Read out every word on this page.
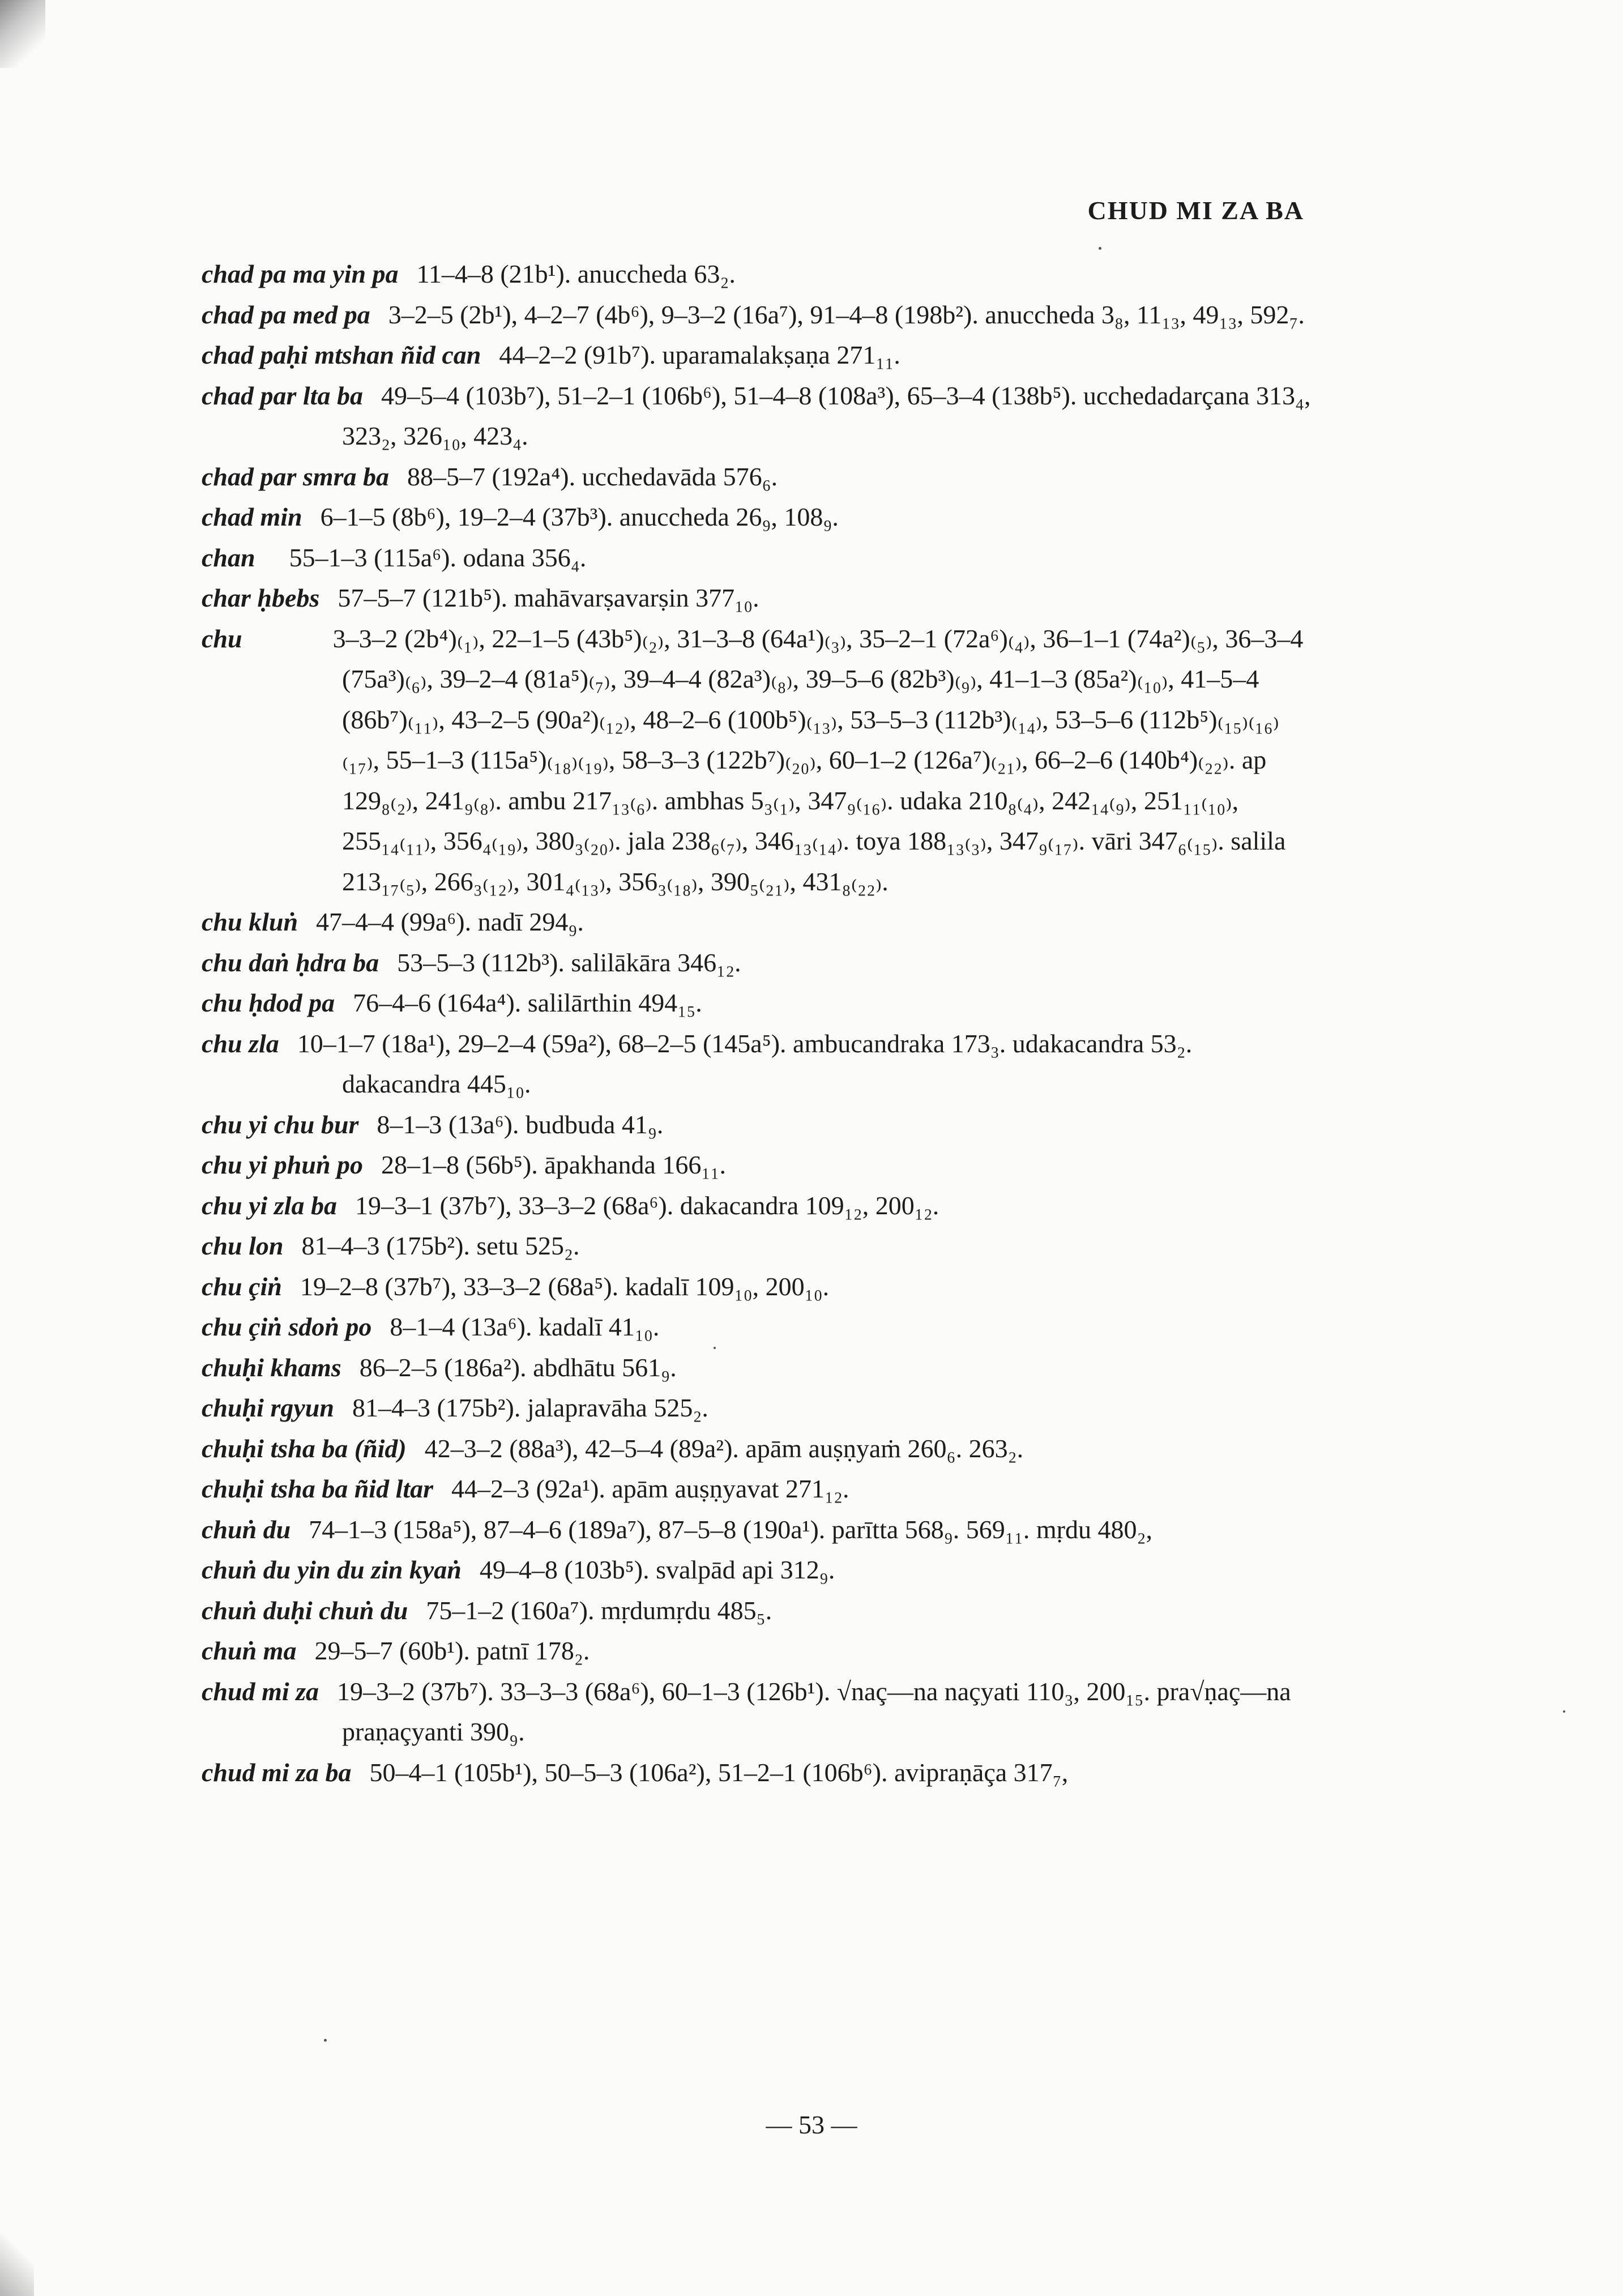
CHUD MI ZA BA

chad pa ma yin pa 11–4–8 (21b¹). anuccheda 63₂.

chad pa med pa 3–2–5 (2b¹), 4–2–7 (4b⁶), 9–3–2 (16a⁷), 91–4–8 (198b²). anuccheda 3₈, 11₁₃, 49₁₃, 592₇.

chad paḥi mtshan ñid can 44–2–2 (91b⁷). uparamalakṣaṇa 271₁₁.

chad par lta ba 49–5–4 (103b⁷), 51–2–1 (106b⁶), 51–4–8 (108a³), 65–3–4 (138b⁵). ucchedadarçana 313₄, 323₂, 326₁₀, 423₄.

chad par smra ba 88–5–7 (192a⁴). ucchedavāda 576₆.

chad min 6–1–5 (8b⁶), 19–2–4 (37b³). anuccheda 26₉, 108₉.

chan 55–1–3 (115a⁶). odana 356₄.

char ḥbebs 57–5–7 (121b⁵). mahāvarṣavarṣin 377₁₀.

chu	3–3–2 (2b⁴)₍₁₎, 22–1–5 (43b⁵)₍₂₎, 31–3–8 (64a¹)₍₃₎, 35–2–1 (72a⁶)₍₄₎, 36–1–1 (74a²)₍₅₎, 36–3–4 (75a³)₍₆₎, 39–2–4 (81a⁵)₍₇₎, 39–4–4 (82a³)₍₈₎, 39–5–6 (82b³)₍₉₎, 41–1–3 (85a²)₍₁₀₎, 41–5–4 (86b⁷)₍₁₁₎, 43–2–5 (90a²)₍₁₂₎, 48–2–6 (100b⁵)₍₁₃₎, 53–5–3 (112b³)₍₁₄₎, 53–5–6 (112b⁵)₍₁₅₎₍₁₆₎₍₁₇₎, 55–1–3 (115a⁵)₍₁₈₎₍₁₉₎, 58–3–3 (122b⁷)₍₂₀₎, 60–1–2 (126a⁷)₍₂₁₎, 66–2–6 (140b⁴)₍₂₂₎. ap 129₈₍₂₎, 241₉₍₈₎. ambu 217₁₃₍₆₎. ambhas 5₃₍₁₎, 347₉₍₁₆₎. udaka 210₈₍₄₎, 242₁₄₍₉₎, 251₁₁₍₁₀₎, 255₁₄₍₁₁₎, 356₄₍₁₉₎, 380₃₍₂₀₎. jala 238₆₍₇₎, 346₁₃₍₁₄₎. toya 188₁₃₍₃₎, 347₉₍₁₇₎. vāri 347₆₍₁₅₎. salila 213₁₇₍₅₎, 266₃₍₁₂₎, 301₄₍₁₃₎, 356₃₍₁₈₎, 390₅₍₂₁₎, 431₈₍₂₂₎.

chu kluṅ 47–4–4 (99a⁶). nadī 294₉.

chu daṅ ḥdra ba 53–5–3 (112b³). salilākāra 346₁₂.

chu ḥdod pa 76–4–6 (164a⁴). salilārthin 494₁₅.

chu zla 10–1–7 (18a¹), 29–2–4 (59a²), 68–2–5 (145a⁵). ambucandraka 173₃. udakacandra 53₂. dakacandra 445₁₀.

chu yi chu bur 8–1–3 (13a⁶). budbuda 41₉.

chu yi phuṅ po 28–1–8 (56b⁵). āpakhanda 166₁₁.

chu yi zla ba 19–3–1 (37b⁷), 33–3–2 (68a⁶). dakacandra 109₁₂, 200₁₂.

chu lon 81–4–3 (175b²). setu 525₂.

chu çiṅ 19–2–8 (37b⁷), 33–3–2 (68a⁵). kadalī 109₁₀, 200₁₀.

chu çiṅ sdoṅ po 8–1–4 (13a⁶). kadalī 41₁₀.

chuḥi khams 86–2–5 (186a²). abdhātu 561₉.

chuḥi rgyun 81–4–3 (175b²). jalapravāha 525₂.

chuḥi tsha ba (ñid) 42–3–2 (88a³), 42–5–4 (89a²). apām auṣṇyaṁ 260₆. 263₂.

chuḥi tsha ba ñid ltar 44–2–3 (92a¹). apām auṣṇyavat 271₁₂.

chuṅ du 74–1–3 (158a⁵), 87–4–6 (189a⁷), 87–5–8 (190a¹). parītta 568₉. 569₁₁. mṛdu 480₂,

chuṅ du yin du zin kyaṅ 49–4–8 (103b⁵). svalpād api 312₉.

chuṅ duḥi chuṅ du 75–1–2 (160a⁷). mṛdumṛdu 485₅.

chuṅ ma 29–5–7 (60b¹). patnī 178₂.

chud mi za 19–3–2 (37b⁷). 33–3–3 (68a⁶), 60–1–3 (126b¹). √naç—na naçyati 110₃, 200₁₅. pra√ṇaç—na praṇaçyanti 390₉.

chud mi za ba 50–4–1 (105b¹), 50–5–3 (106a²), 51–2–1 (106b⁶). avipraṇāça 317₇,

— 53 —
